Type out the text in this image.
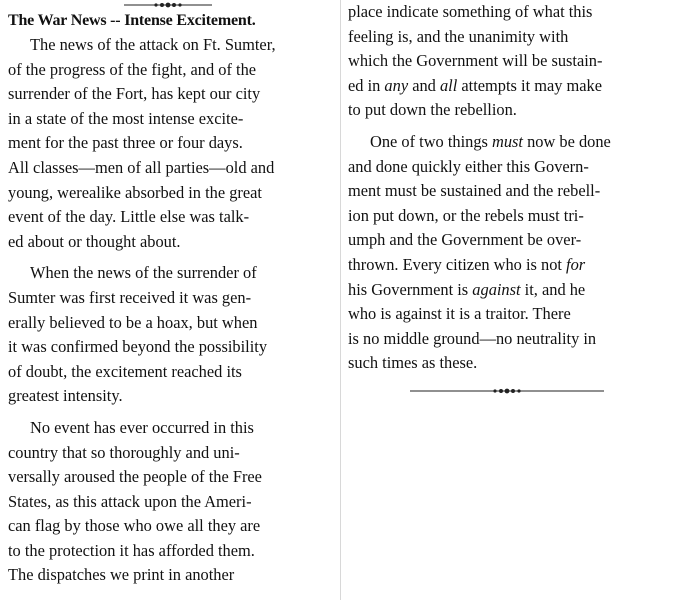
The War News -- Intense Excitement.
The news of the attack on Ft. Sumter,
of the progress of the fight, and of the
surrender of the Fort, has kept our city
in a state of the most intense excite-
ment for the past three or four days.
All classes—men of all parties—old and
young, werealike absorbed in the great
event of the day. Little else was talk-
ed about or thought about.
When the news of the surrender of
Sumter was first received it was gen-
erally believed to be a hoax, but when
it was confirmed beyond the possibility
of doubt, the excitement reached its
greatest intensity.
No event has ever occurred in this
country that so thoroughly and uni-
versally aroused the people of the Free
States, as this attack upon the Ameri-
can flag by those who owe all they are
to the protection it has afforded them.
The dispatches we print in another
place indicate something of what this
feeling is, and the unanimity with
which the Government will be sustain-
ed in any and all attempts it may make
to put down the rebellion.
One of two things must now be done
and done quickly either this Govern-
ment must be sustained and the rebell-
ion put down, or the rebels must tri-
umph and the Government be over-
thrown. Every citizen who is not for
his Government is against it, and he
who is against it is a traitor. There
is no middle ground—no neutrality in
such times as these.
